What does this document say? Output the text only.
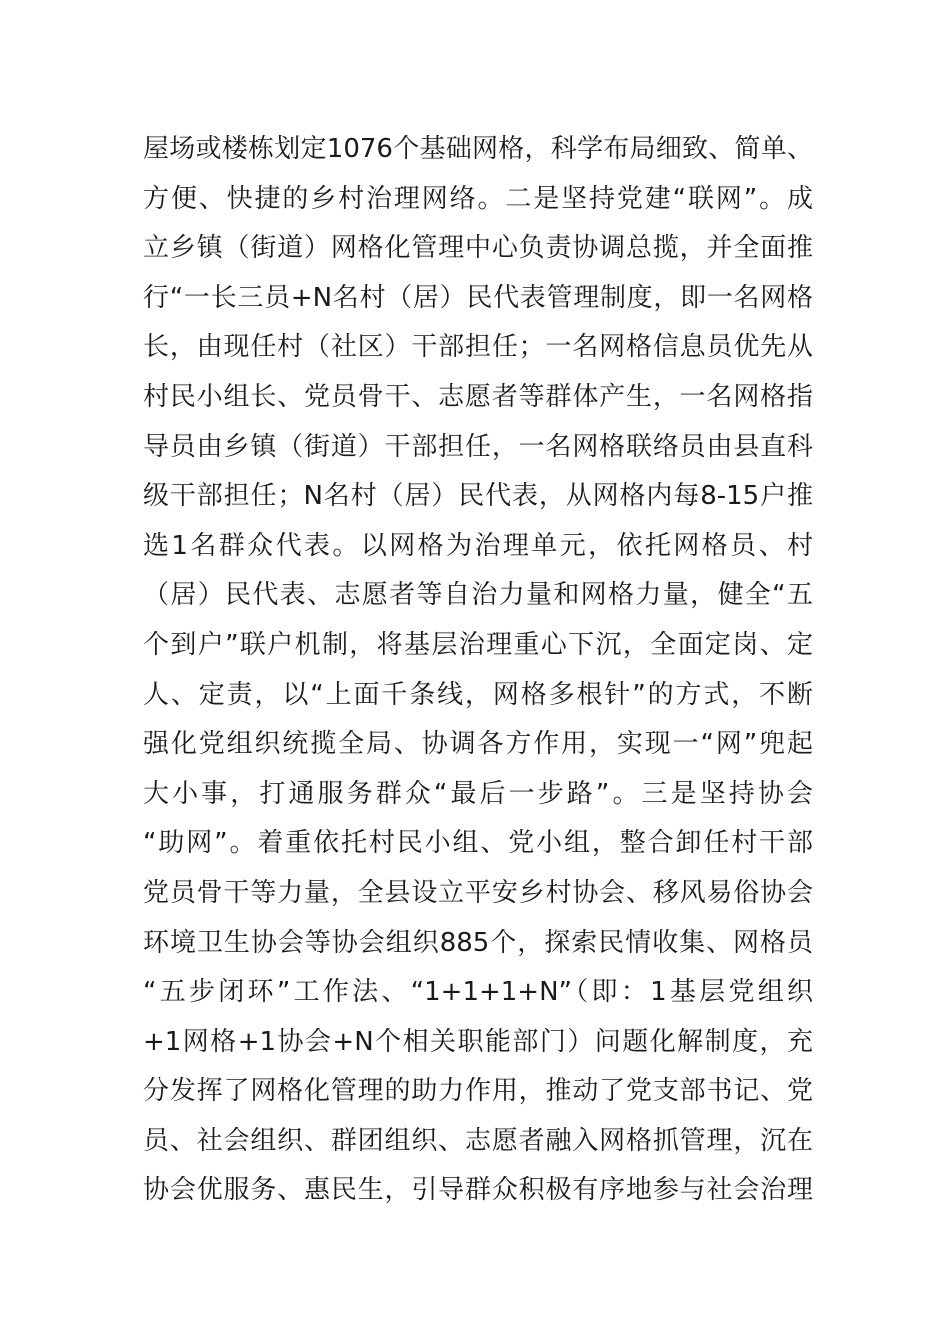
屋场或楼栋划定1076个基础网格，科学布局细致、简单、
方便、快捷的乡村治理网络。二是坚持党建“联网”。成
立乡镇（街道）网格化管理中心负责协调总揽，并全面推
行“一长三员+N名村（居）民代表管理制度，即一名网格
长，由现任村（社区）干部担任；一名网格信息员优先从
村民小组长、党员骨干、志愿者等群体产生，一名网格指
导员由乡镇（街道）干部担任，一名网格联络员由县直科
级干部担任；N名村（居）民代表，从网格内每8-15户推
选1名群众代表。以网格为治理单元，依托网格员、村
（居）民代表、志愿者等自治力量和网格力量，健全“五
个到户”联户机制，将基层治理重心下沉，全面定岗、定
人、定责，以“上面千条线，网格多根针”的方式，不断
强化党组织统揽全局、协调各方作用，实现一“网”兜起
大小事，打通服务群众“最后一步路”。三是坚持协会
“助网”。着重依托村民小组、党小组，整合卸任村干部
党员骨干等力量，全县设立平安乡村协会、移风易俗协会
环境卫生协会等协会组织885个，探索民情收集、网格员
“五步闭环”工作法、“1+1+1+N”（即：1基层党组织
+1网格+1协会+N个相关职能部门）问题化解制度，充
分发挥了网格化管理的助力作用，推动了党支部书记、党
员、社会组织、群团组织、志愿者融入网格抓管理，沉在
协会优服务、惠民生，引导群众积极有序地参与社会治理
